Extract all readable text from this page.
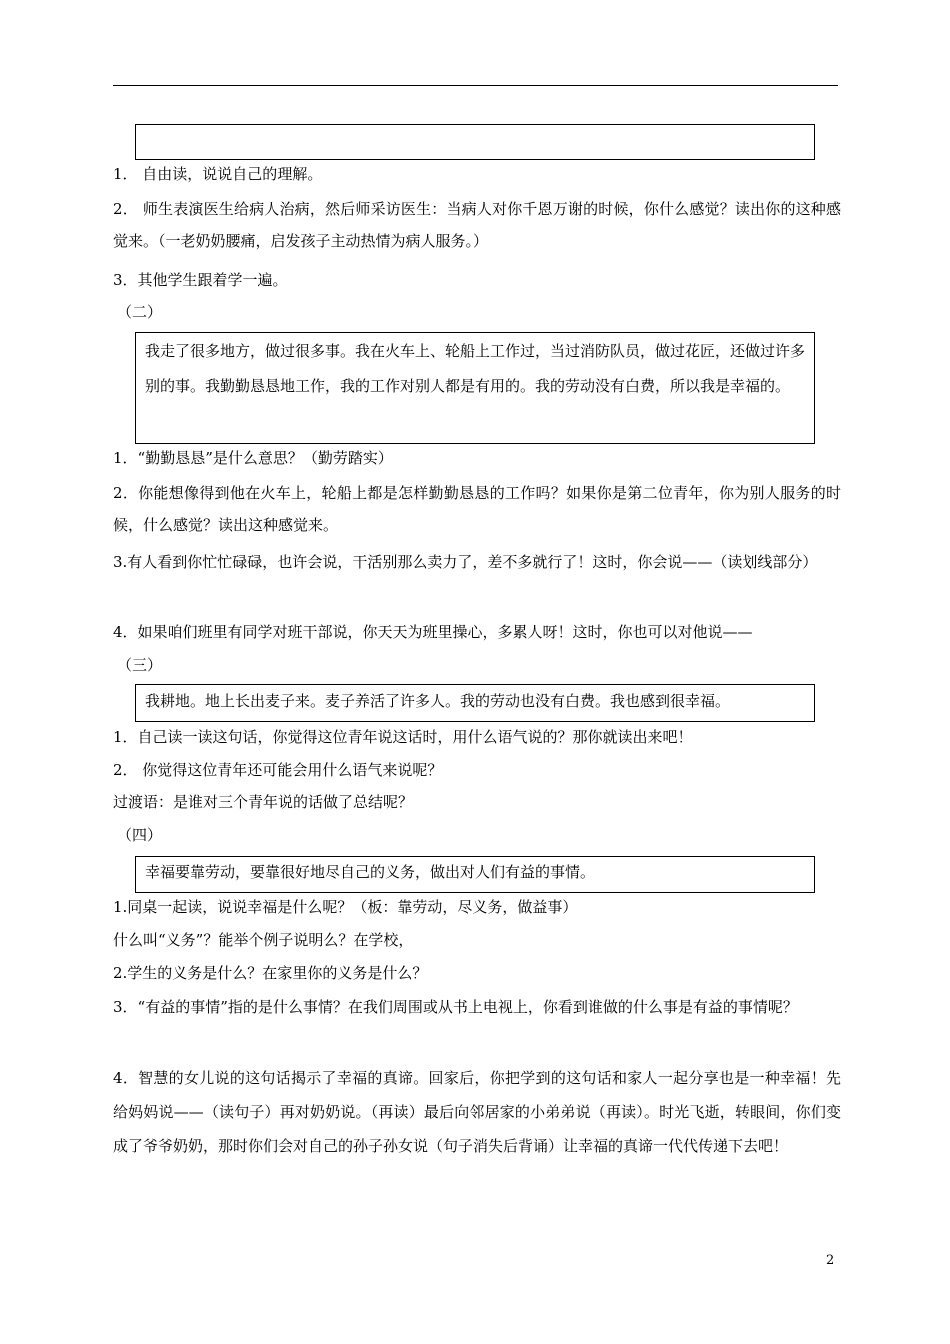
1． 自由读，说说自己的理解。

2． 师生表演医生给病人治病，然后师采访医生：当病人对你千恩万谢的时候，你什么感觉？读出你的这种感觉来。（一老奶奶腰痛，启发孩子主动热情为病人服务。）

3．其他学生跟着学一遍。

（二）

我走了很多地方，做过很多事。我在火车上、轮船上工作过，当过消防队员，做过花匠，还做过许多别的事。我勤勤恳恳地工作，我的工作对别人都是有用的。我的劳动没有白费，所以我是幸福的。

1．“勤勤恳恳”是什么意思？（勤劳踏实）

2．你能想像得到他在火车上，轮船上都是怎样勤勤恳恳的工作吗？如果你是第二位青年，你为别人服务的时候，什么感觉？读出这种感觉来。

3.有人看到你忙忙碌碌，也许会说，干活别那么卖力了，差不多就行了！这时，你会说——（读划线部分）

4．如果咱们班里有同学对班干部说，你天天为班里操心，多累人呀！这时，你也可以对他说——

（三）

我耕地。地上长出麦子来。麦子养活了许多人。我的劳动也没有白费。我也感到很幸福。

1．自己读一读这句话，你觉得这位青年说这话时，用什么语气说的？那你就读出来吧！

2． 你觉得这位青年还可能会用什么语气来说呢？

过渡语：是谁对三个青年说的话做了总结呢？

（四）

幸福要靠劳动，要靠很好地尽自己的义务，做出对人们有益的事情。

1.同桌一起读，说说幸福是什么呢？（板：靠劳动，尽义务，做益事）

什么叫“义务”？能举个例子说明么？在学校，

2.学生的义务是什么？在家里你的义务是什么？

3．“有益的事情”指的是什么事情？在我们周围或从书上电视上，你看到谁做的什么事是有益的事情呢？

4．智慧的女儿说的这句话揭示了幸福的真谛。回家后，你把学到的这句话和家人一起分享也是一种幸福！先给妈妈说——（读句子）再对奶奶说。（再读）最后向邻居家的小弟弟说（再读）。时光飞逝，转眼间，你们变成了爷爷奶奶，那时你们会对自己的孙子孙女说（句子消失后背诵）让幸福的真谛一代代传递下去吧！

2
